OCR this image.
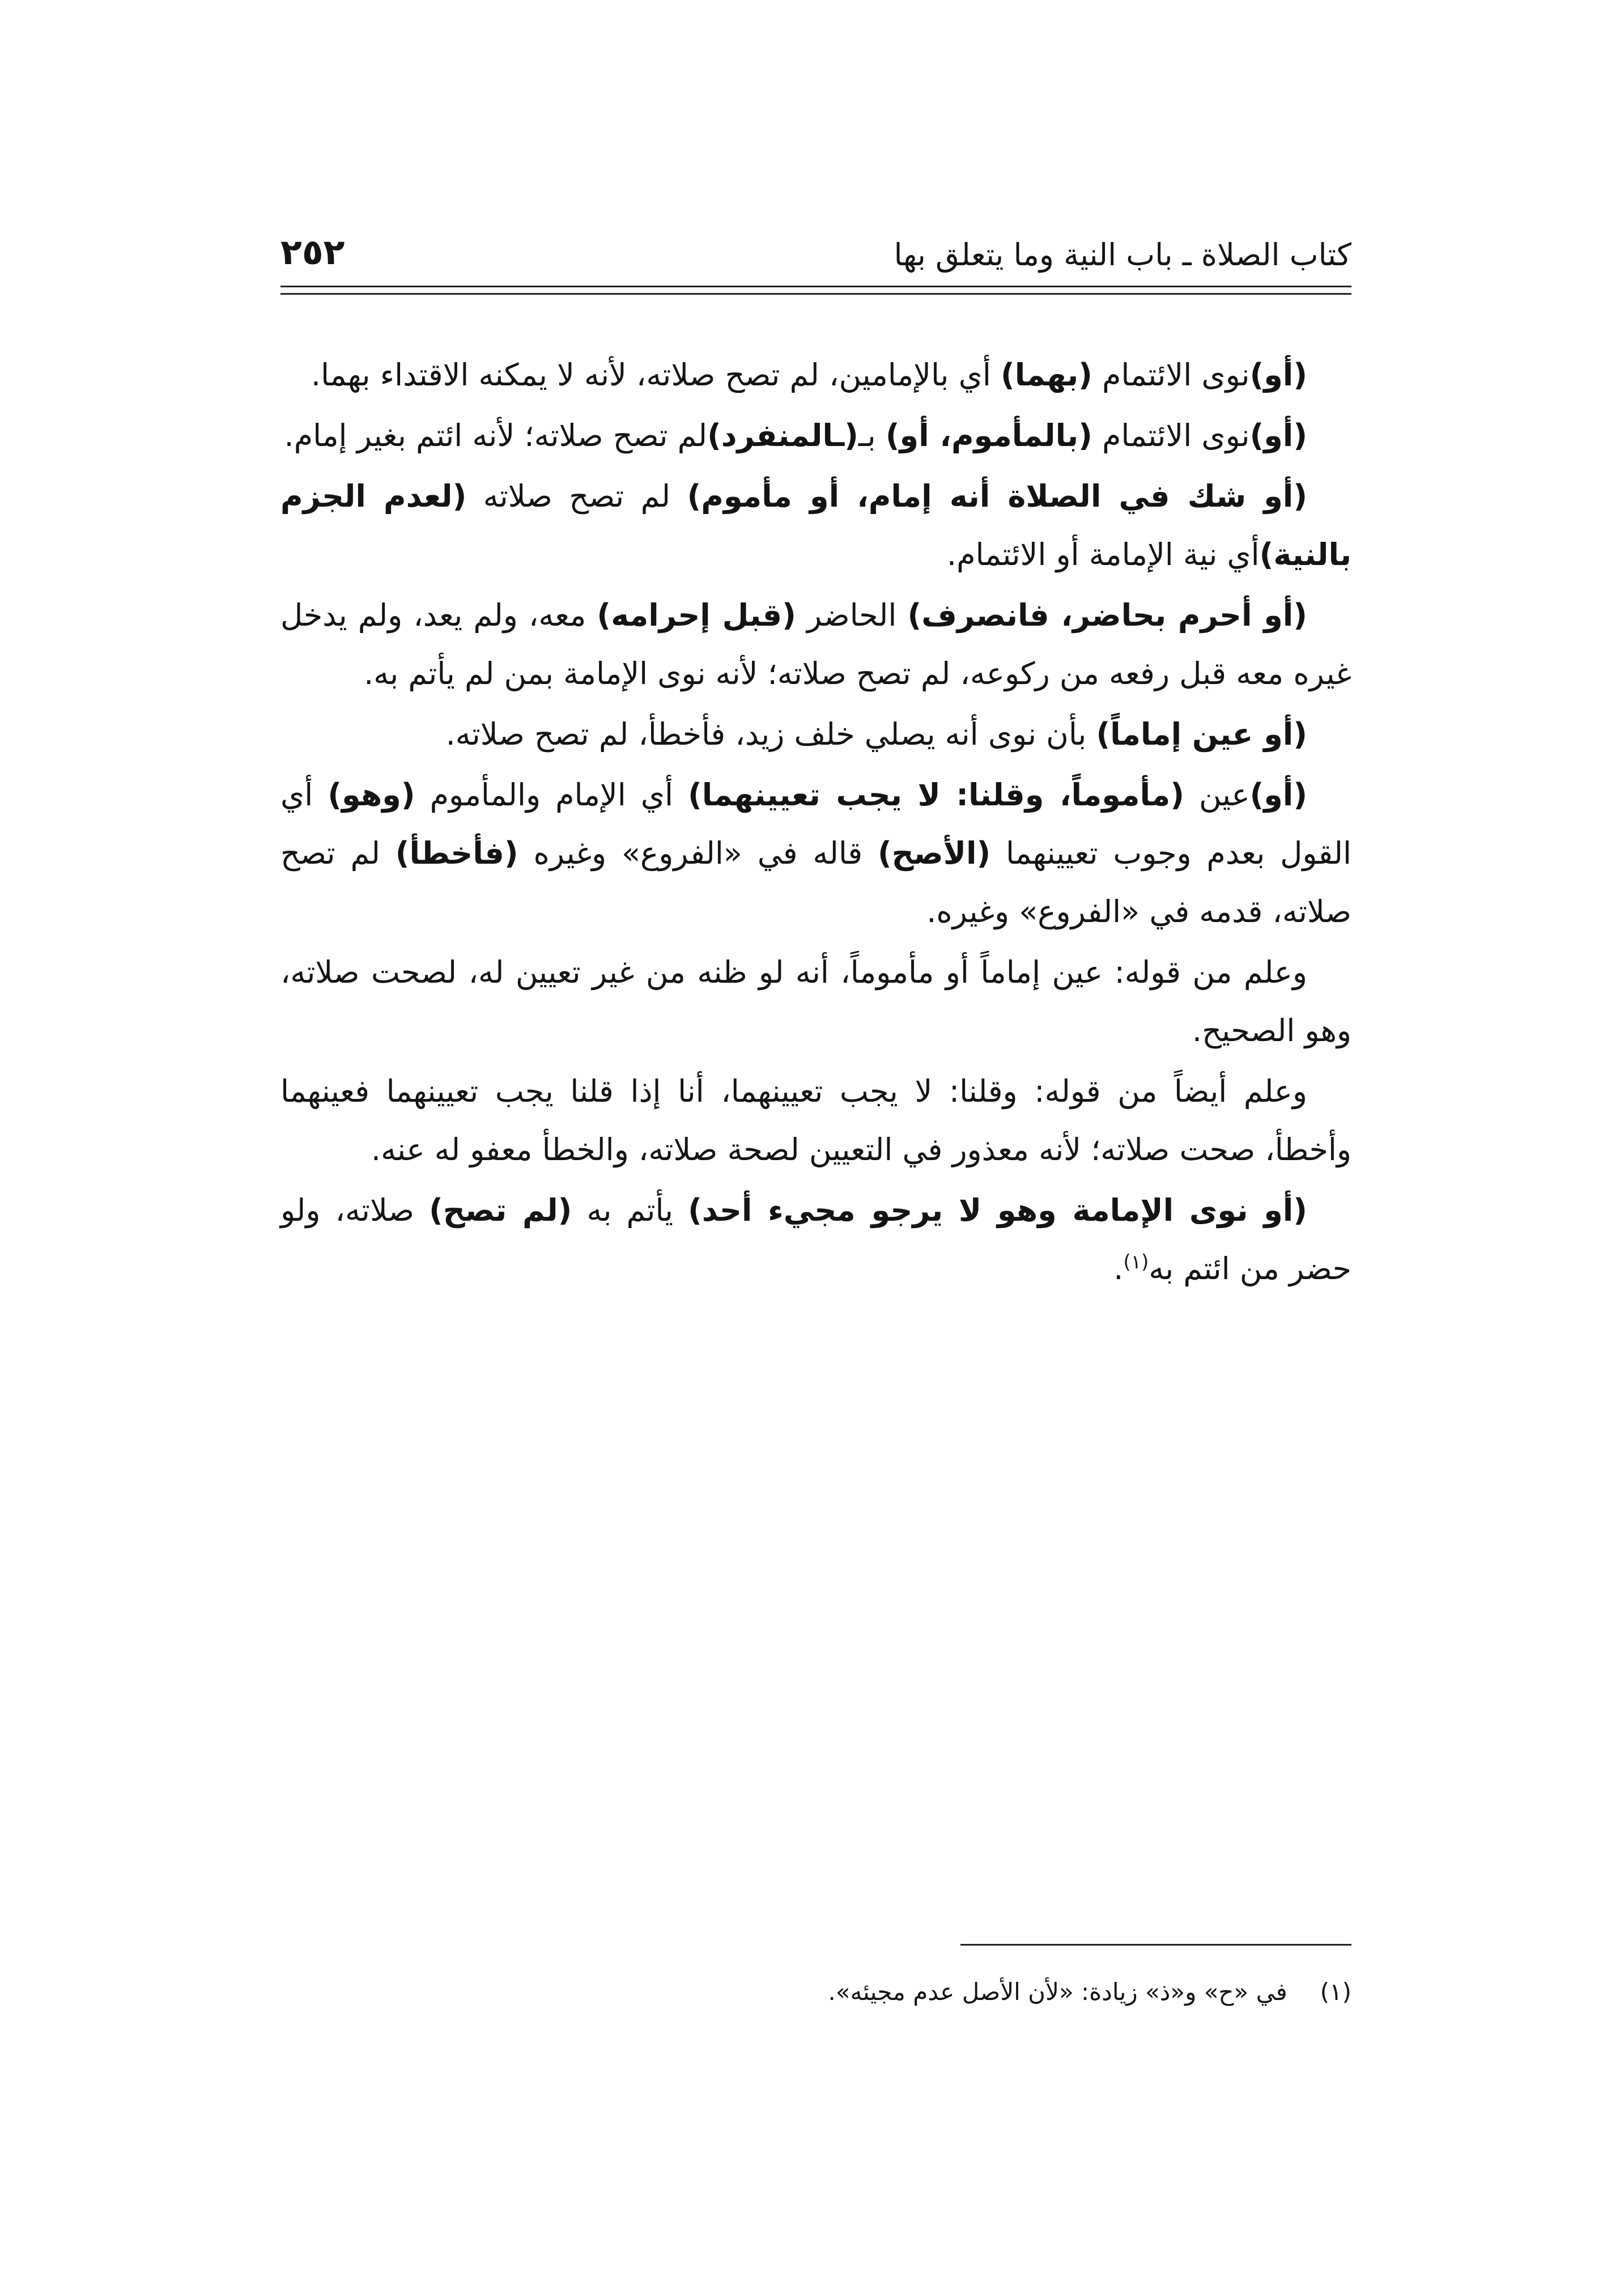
كتاب الصلاة ـ باب النية وما يتعلق بها
٢٥٢

(أو)نوى الائتمام (بهما) أي بالإمامين، لم تصح صلاته، لأنه لا يمكنه الاقتداء بهما.

(أو)نوى الائتمام (بالمأموم، أو) بـ(ـالمنفرد)لم تصح صلاته؛ لأنه ائتم بغير إمام.

(أو شك في الصلاة أنه إمام، أو مأموم) لم تصح صلاته (لعدم الجزم بالنية)أي نية الإمامة أو الائتمام.

(أو أحرم بحاضر، فانصرف) الحاضر (قبل إحرامه) معه، ولم يعد، ولم يدخل غيره معه قبل رفعه من ركوعه، لم تصح صلاته؛ لأنه نوى الإمامة بمن لم يأتم به.

(أو عين إماماً) بأن نوى أنه يصلي خلف زيد، فأخطأ، لم تصح صلاته.

(أو)عين (مأموماً، وقلنا: لا يجب تعيينهما) أي الإمام والمأموم (وهو) أي القول بعدم وجوب تعيينهما (الأصح) قاله في «الفروع» وغيره (فأخطأ) لم تصح صلاته، قدمه في «الفروع» وغيره.

وعلم من قوله: عين إماماً أو مأموماً، أنه لو ظنه من غير تعيين له، لصحت صلاته، وهو الصحيح.

وعلم أيضاً من قوله: وقلنا: لا يجب تعيينهما، أنا إذا قلنا يجب تعيينهما فعينهما وأخطأ، صحت صلاته؛ لأنه معذور في التعيين لصحة صلاته، والخطأ معفو له عنه.

(أو نوى الإمامة وهو لا يرجو مجيء أحد) يأتم به (لم تصح) صلاته، ولو حضر من ائتم به$^{(١)}$.

(١)في «ح» و«ذ» زيادة: «لأن الأصل عدم مجيئه».
